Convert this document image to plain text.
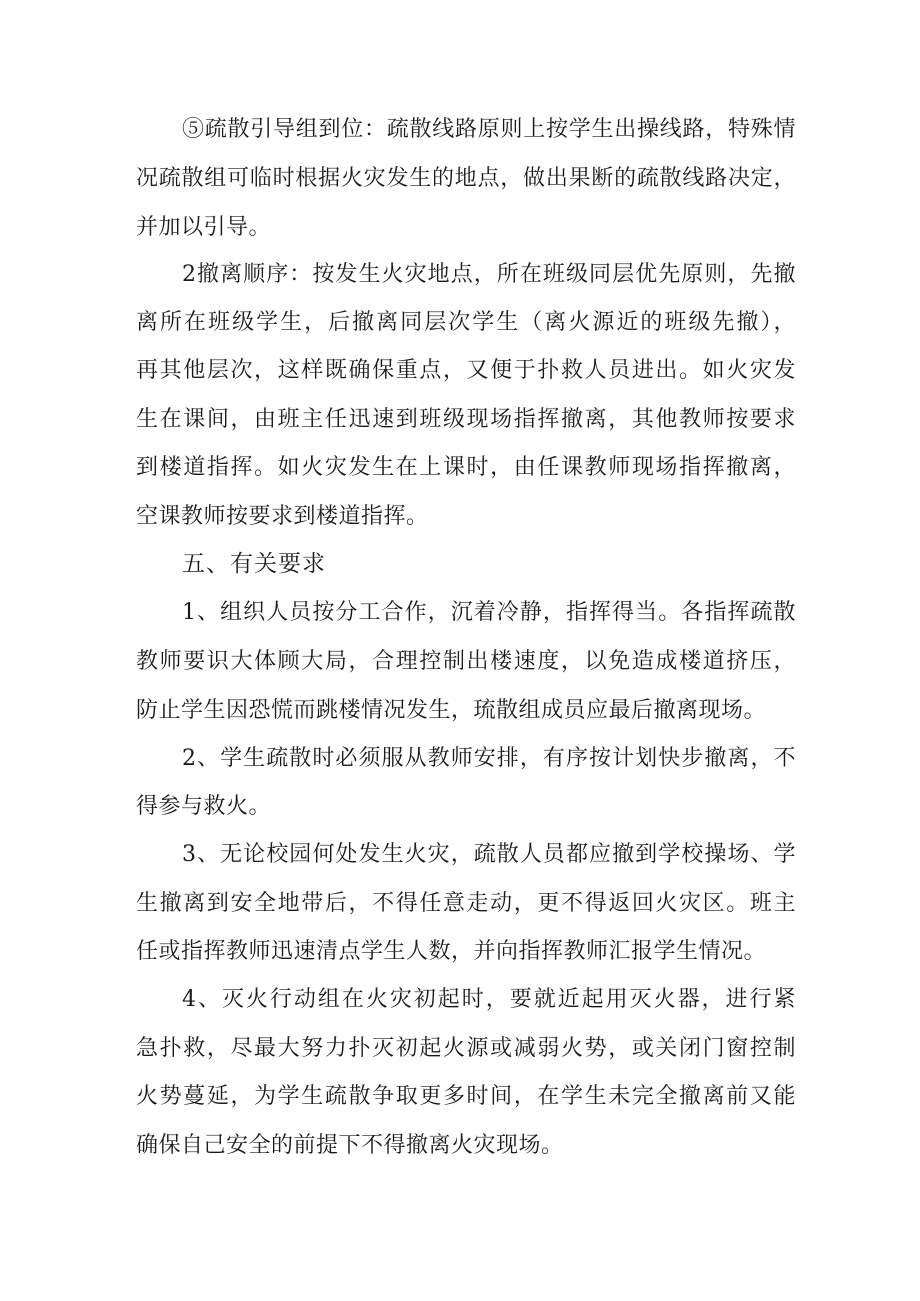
⑤疏散引导组到位：疏散线路原则上按学生出操线路，特殊情
况疏散组可临时根据火灾发生的地点，做出果断的疏散线路决定，
并加以引导。
2撤离顺序：按发生火灾地点，所在班级同层优先原则，先撤
离所在班级学生，后撤离同层次学生（离火源近的班级先撤），
再其他层次，这样既确保重点，又便于扑救人员进出。如火灾发
生在课间，由班主任迅速到班级现场指挥撤离，其他教师按要求
到楼道指挥。如火灾发生在上课时，由任课教师现场指挥撤离，
空课教师按要求到楼道指挥。
五、有关要求
1、组织人员按分工合作，沉着冷静，指挥得当。各指挥疏散
教师要识大体顾大局，合理控制出楼速度，以免造成楼道挤压，
防止学生因恐慌而跳楼情况发生，琉散组成员应最后撤离现场。
2、学生疏散时必须服从教师安排，有序按计划快步撤离，不
得参与救火。
3、无论校园何处发生火灾，疏散人员都应撤到学校操场、学
生撤离到安全地带后，不得任意走动，更不得返回火灾区。班主
任或指挥教师迅速清点学生人数，并向指挥教师汇报学生情况。
4、灭火行动组在火灾初起时，要就近起用灭火器，进行紧
急扑救，尽最大努力扑灭初起火源或减弱火势，或关闭门窗控制
火势蔓延，为学生疏散争取更多时间，在学生未完全撤离前又能
确保自己安全的前提下不得撤离火灾现场。
